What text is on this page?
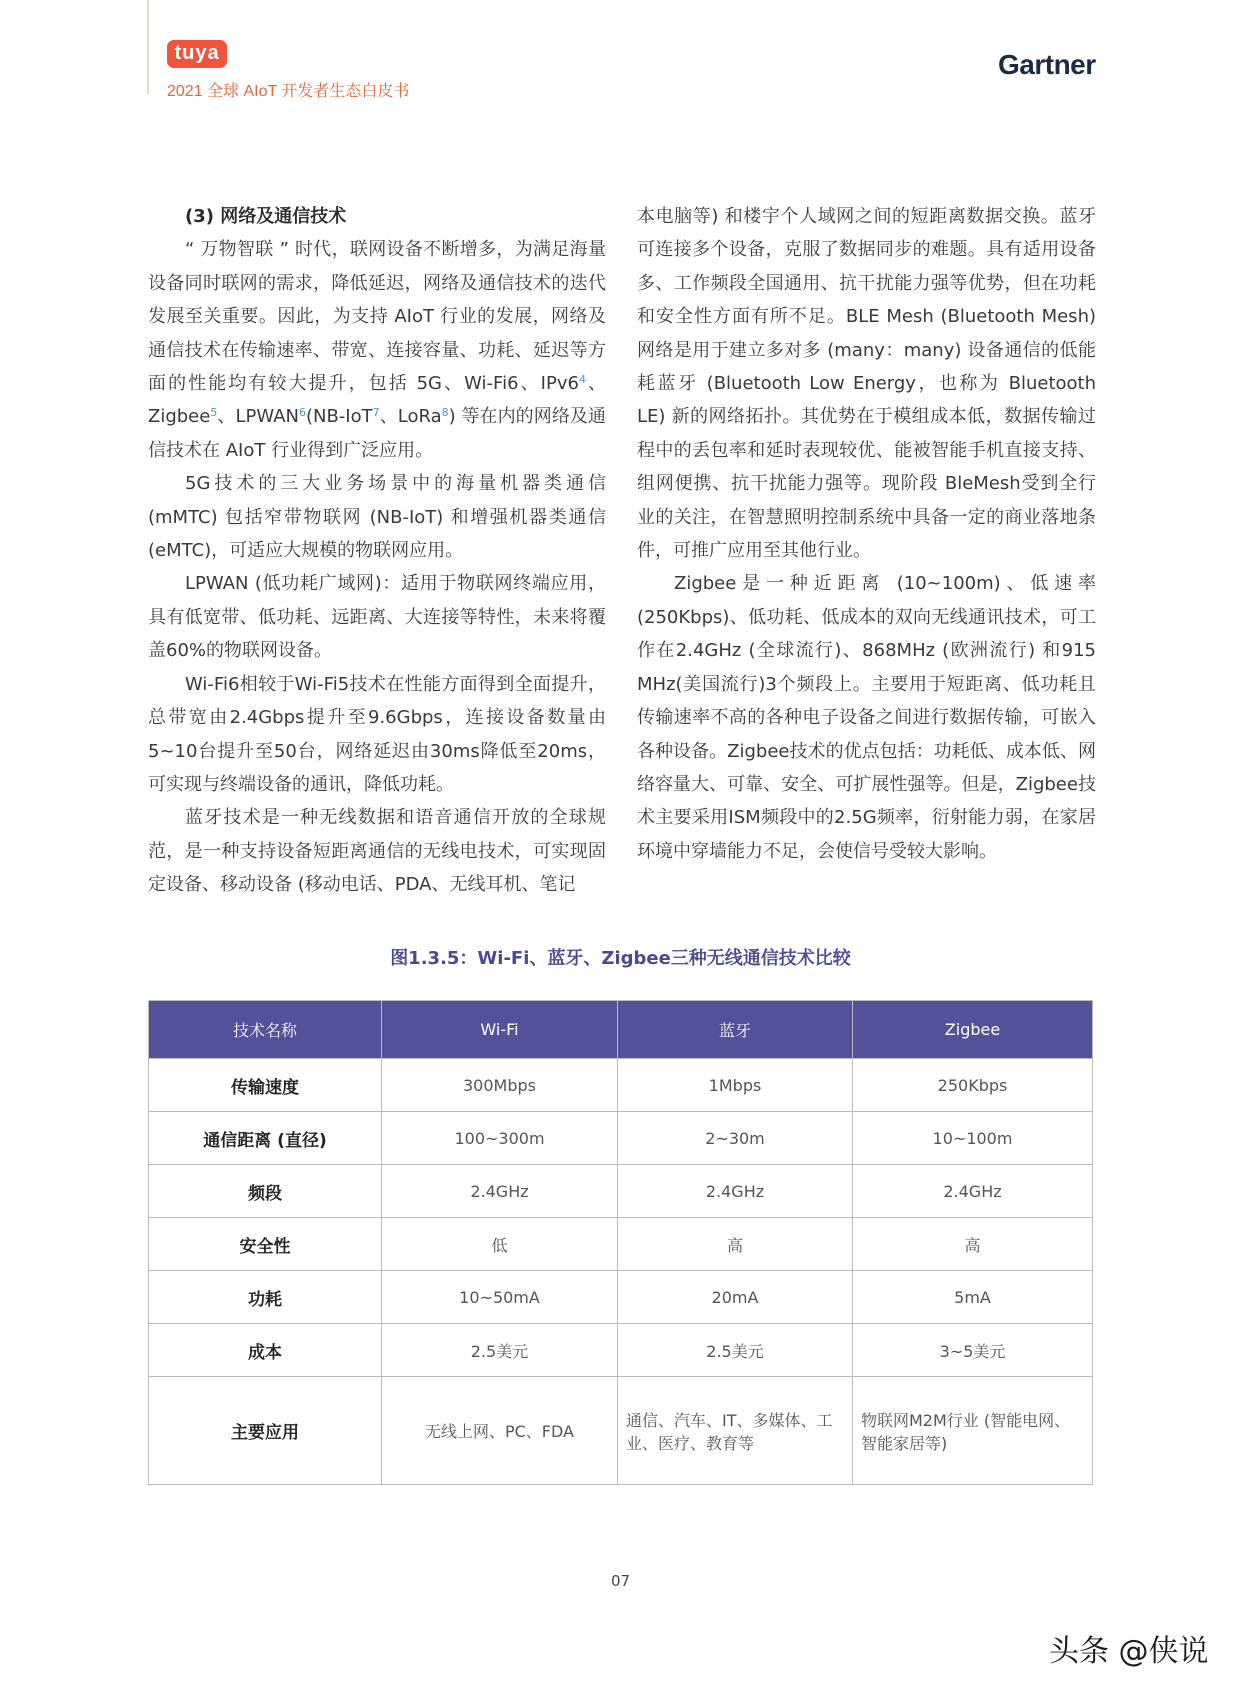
tuya
2021 全球 AIoT 开发者生态白皮书
Gartner
(3) 网络及通信技术

“ 万物智联 ” 时代，联网设备不断增多，为满足海量设备同时联网的需求，降低延迟，网络及通信技术的迭代发展至关重要。因此，为支持 AIoT 行业的发展，网络及通信技术在传输速率、带宽、连接容量、功耗、延迟等方面的性能均有较大提升，包括 5G、Wi-Fi6、$IPv6^4$、Zigbee$^5$、LPWAN$^6$(NB-IoT$^7$、LoRa$^8$) 等在内的网络及通信技术在 AIoT 行业得到广泛应用。

5G技术的三大业务场景中的海量机器类通信 (mMTC) 包括窄带物联网 (NB-IoT) 和增强机器类通信 (eMTC)，可适应大规模的物联网应用。

LPWAN (低功耗广域网)：适用于物联网终端应用，具有低宽带、低功耗、远距离、大连接等特性，未来将覆盖60%的物联网设备。

Wi-Fi6相较于Wi-Fi5技术在性能方面得到全面提升，总带宽由2.4Gbps提升至9.6Gbps，连接设备数量由5~10台提升至50台，网络延迟由30ms降低至20ms，可实现与终端设备的通讯，降低功耗。

蓝牙技术是一种无线数据和语音通信开放的全球规范，是一种支持设备短距离通信的无线电技术，可实现固定设备、移动设备 (移动电话、PDA、无线耳机、笔记

本电脑等) 和楼宇个人域网之间的短距离数据交换。蓝牙可连接多个设备，克服了数据同步的难题。具有适用设备多、工作频段全国通用、抗干扰能力强等优势，但在功耗和安全性方面有所不足。BLE Mesh (Bluetooth Mesh) 网络是用于建立多对多 (many：many) 设备通信的低能耗蓝牙 (Bluetooth Low Energy，也称为 Bluetooth LE) 新的网络拓扑。其优势在于模组成本低，数据传输过程中的丢包率和延时表现较优、能被智能手机直接支持、组网便携、抗干扰能力强等。现阶段 BleMesh受到全行业的关注，在智慧照明控制系统中具备一定的商业落地条件，可推广应用至其他行业。

Zigbee是一种近距离 (10~100m)、低速率 (250Kbps)、低功耗、低成本的双向无线通讯技术，可工作在2.4GHz (全球流行)、868MHz (欧洲流行) 和915 MHz(美国流行)3个频段上。主要用于短距离、低功耗且传输速率不高的各种电子设备之间进行数据传输，可嵌入各种设备。Zigbee技术的优点包括：功耗低、成本低、网络容量大、可靠、安全、可扩展性强等。但是，Zigbee技术主要采用ISM频段中的2.5G频率，衍射能力弱，在家居环境中穿墙能力不足，会使信号受较大影响。

图1.3.5：Wi-Fi、蓝牙、Zigbee三种无线通信技术比较
技术名称	Wi-Fi	蓝牙	Zigbee
传输速度	300Mbps	1Mbps	250Kbps
通信距离 (直径)	100~300m	2~30m	10~100m
频段	2.4GHz	2.4GHz	2.4GHz
安全性	低	高	高
功耗	10~50mA	20mA	5mA
成本	2.5美元	2.5美元	3~5美元
主要应用	无线上网、PC、FDA	通信、汽车、IT、多媒体、工业、医疗、教育等	物联网M2M行业 (智能电网、智能家居等)
07
头条 @侠说
